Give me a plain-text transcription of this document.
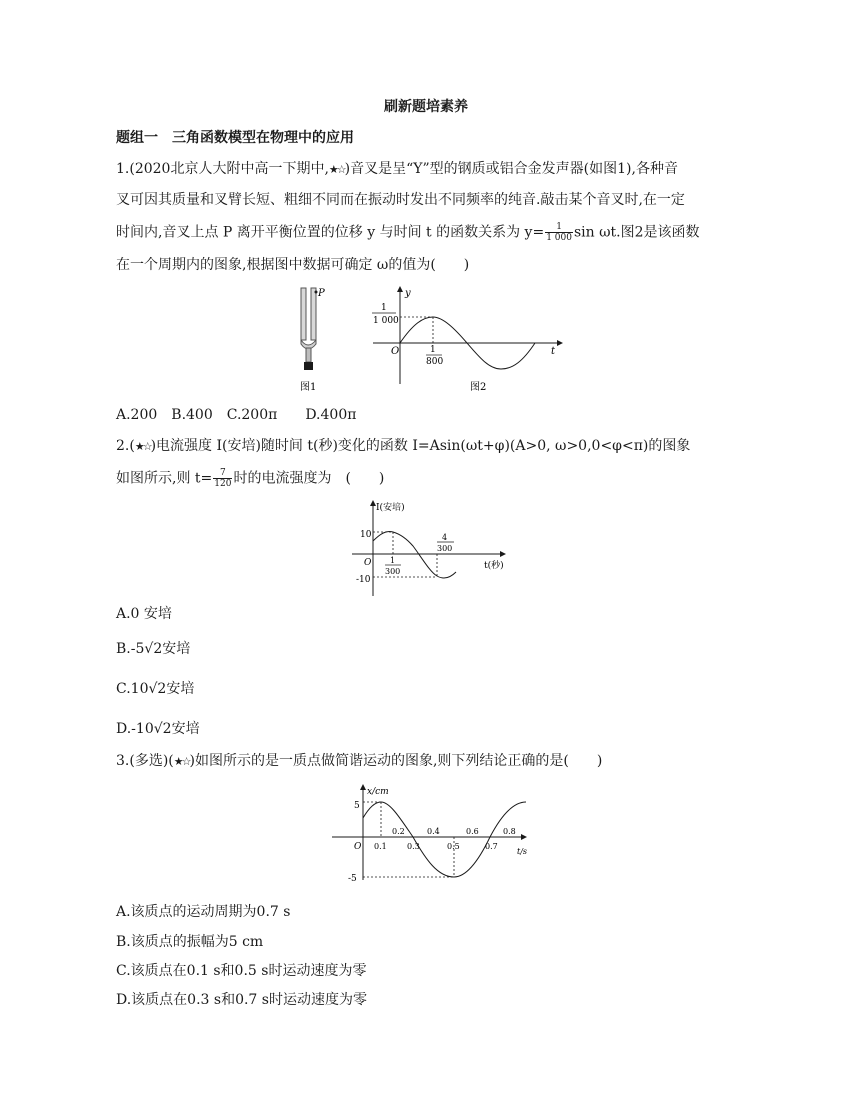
刷新题培素养
题组一　三角函数模型在物理中的应用
1.(2020北京人大附中高一下期中,★☆)音叉是呈“Y”型的钢质或铝合金发声器(如图1),各种音
叉可因其质量和叉臂长短、粗细不同而在振动时发出不同频率的纯音.敲击某个音叉时,在一定
时间内,音叉上点 P 离开平衡位置的位移 y 与时间 t 的函数关系为 $y= \frac{1}{1 000}$ sin ωt.图2是该函数
在一个周期内的图象,根据图中数据可确定 ω的值为(　　)
P
图1
y
t
O
1
1 000
1
800
图2
A.200　B.400　C.200π　　D.400π
2.(★☆)电流强度 I(安培)随时间 t(秒)变化的函数 I=Asin(ωt+φ)(A>0, ω>0,0<φ<π)的图象
如图所示,则 $t= \frac{7}{120}$ 时的电流强度为　(　　)
I(安培)
t(秒)
O
10
-10
1
300
4
300
A.0 安培
B.-5√2安培
C.10√2安培
D.-10√2安培
3.(多选)(★☆)如图所示的是一质点做简谐运动的图象,则下列结论正确的是(　　)
x/cm
t/s
O
5
-5
0.2	0.4	0.6	0.8
0.1	0.3	0.5	0.7
A.该质点的运动周期为0.7 s
B.该质点的振幅为5 cm
C.该质点在0.1 s和0.5 s时运动速度为零
D.该质点在0.3 s和0.7 s时运动速度为零
